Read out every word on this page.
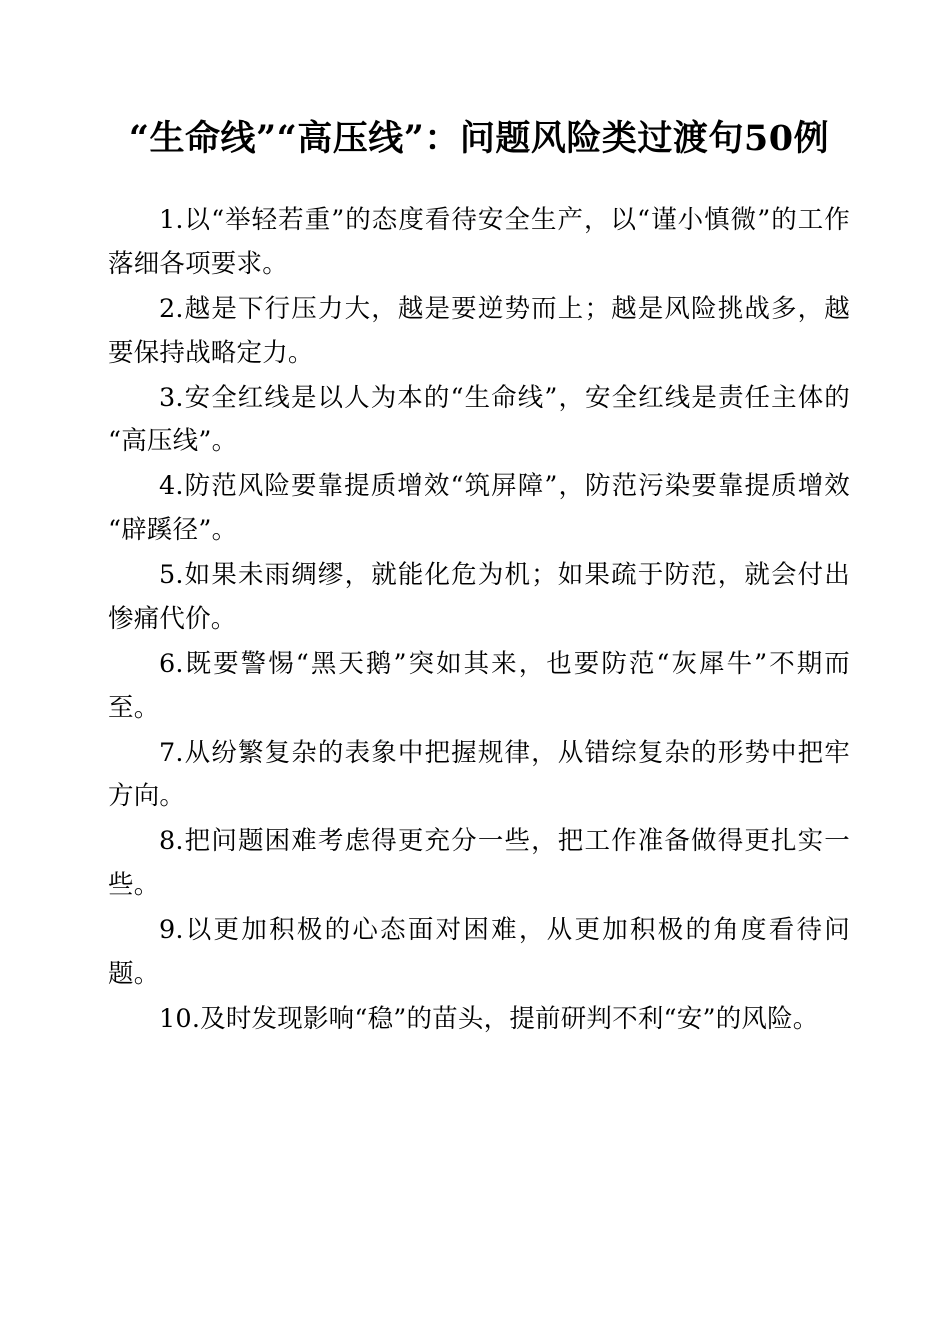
“生命线”“高压线”：问题风险类过渡句50例

1.以“举轻若重”的态度看待安全生产，以“谨小慎微”的工作落细各项要求。

2.越是下行压力大，越是要逆势而上；越是风险挑战多，越要保持战略定力。

3.安全红线是以人为本的“生命线”，安全红线是责任主体的“高压线”。

4.防范风险要靠提质增效“筑屏障”，防范污染要靠提质增效“辟蹊径”。

5.如果未雨绸缪，就能化危为机；如果疏于防范，就会付出惨痛代价。

6.既要警惕“黑天鹅”突如其来，也要防范“灰犀牛”不期而至。

7.从纷繁复杂的表象中把握规律，从错综复杂的形势中把牢方向。

8.把问题困难考虑得更充分一些，把工作准备做得更扎实一些。

9.以更加积极的心态面对困难，从更加积极的角度看待问题。

10.及时发现影响“稳”的苗头，提前研判不利“安”的风险。
